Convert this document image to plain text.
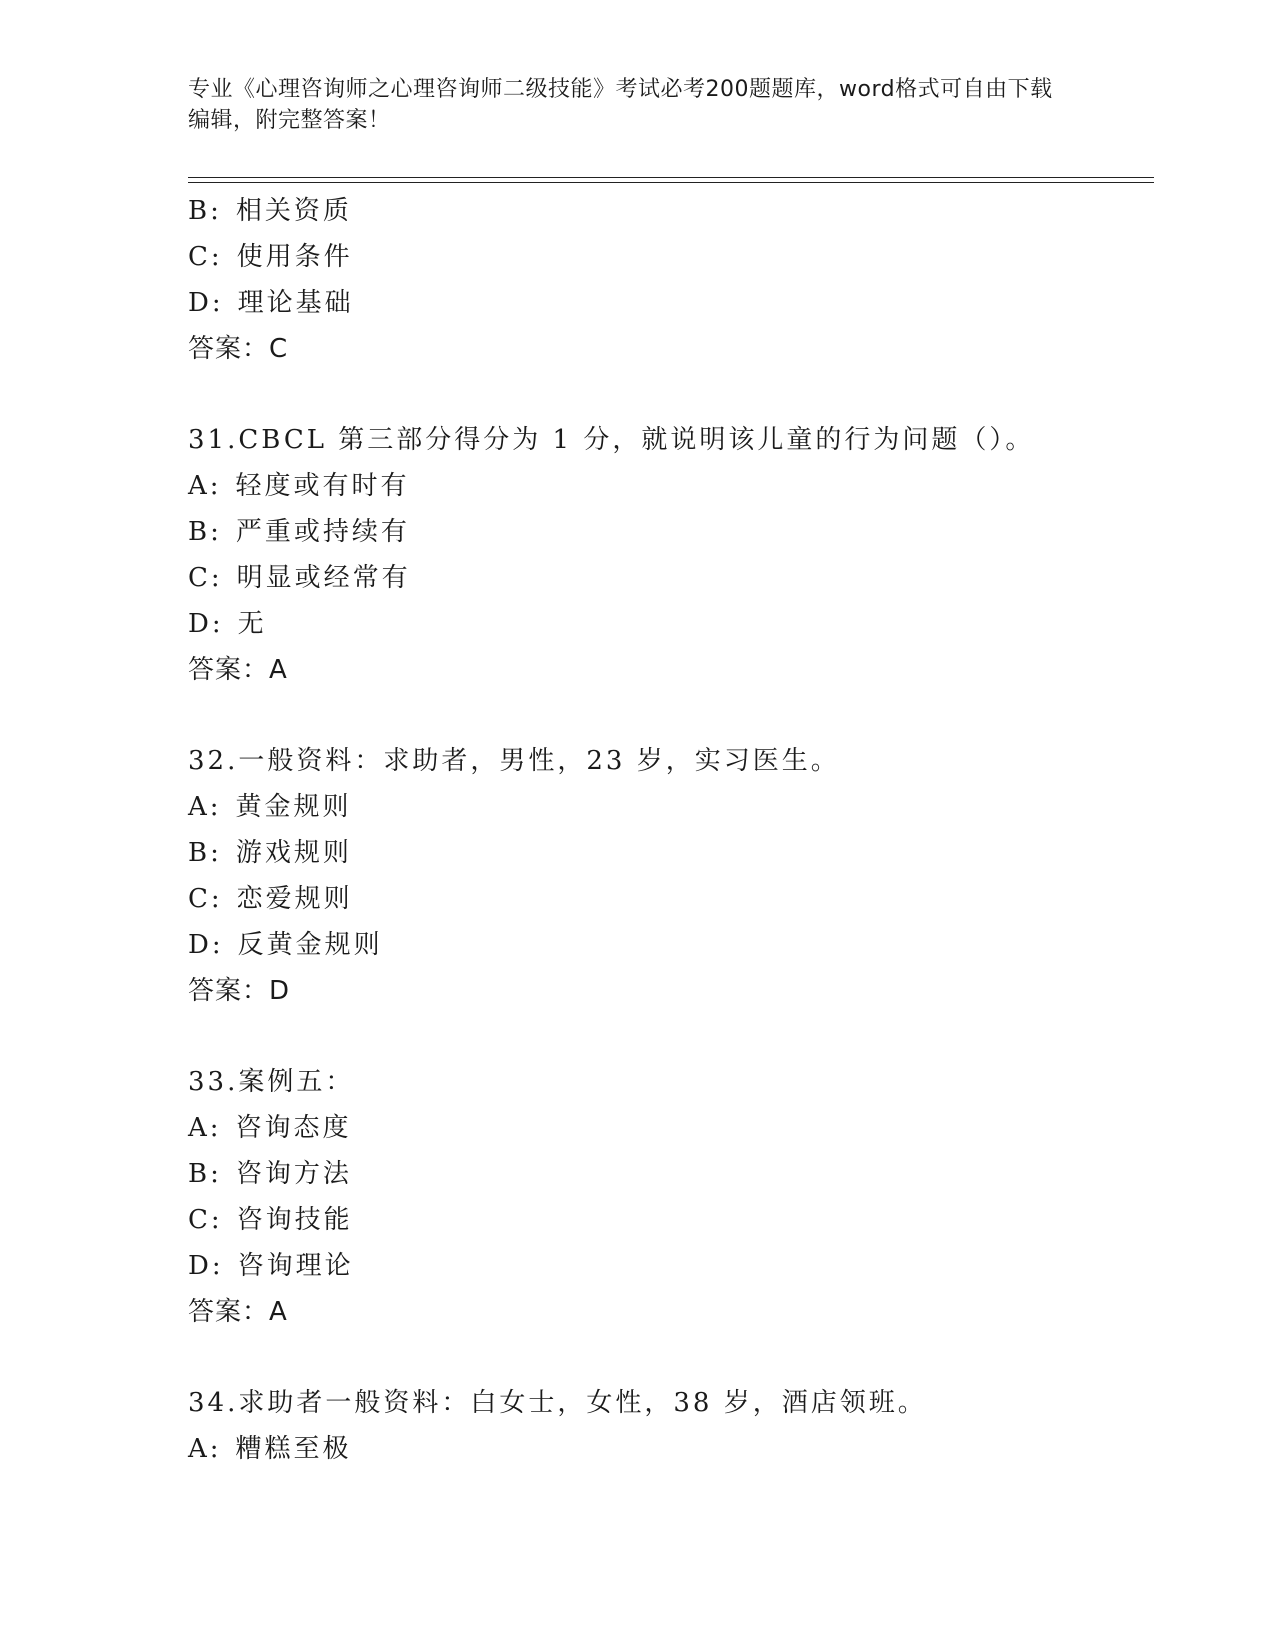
专业《心理咨询师之心理咨询师二级技能》考试必考200题题库，word格式可自由下载编辑，附完整答案！
B: 相关资质
C: 使用条件
D: 理论基础
答案：C
31.CBCL 第三部分得分为 1 分，就说明该儿童的行为问题（）。
A: 轻度或有时有
B: 严重或持续有
C: 明显或经常有
D: 无
答案：A
32.一般资料：求助者，男性，23 岁，实习医生。
A: 黄金规则
B: 游戏规则
C: 恋爱规则
D: 反黄金规则
答案：D
33.案例五：
A: 咨询态度
B: 咨询方法
C: 咨询技能
D: 咨询理论
答案：A
34.求助者一般资料：白女士，女性，38 岁，酒店领班。
A: 糟糕至极
